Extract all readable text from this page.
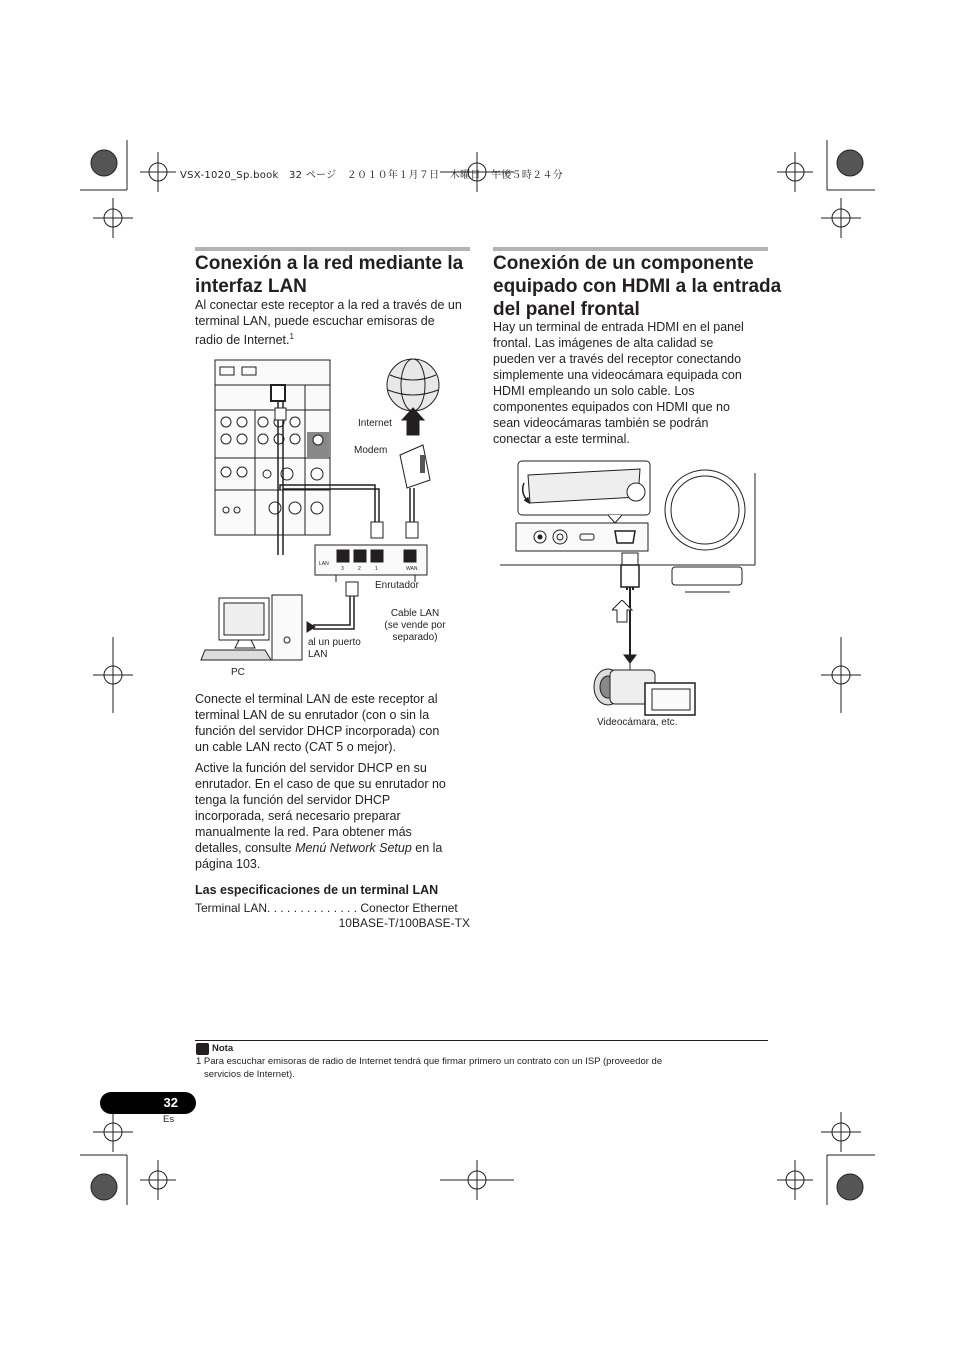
VSX-1020_Sp.book　32 ページ　２０１０年１月７日　木曜日　午後５時２４分
Conexión a la red mediante la
interfaz LAN
Al conectar este receptor a la red a través de un
terminal LAN, puede escuchar emisoras de
radio de Internet.$^1$
LAN
3	2	1	WAN
Internet
Modem
Enrutador
Cable LAN
(se vende por
separado)
al un puerto
LAN
PC
Conecte el terminal LAN de este receptor al
terminal LAN de su enrutador (con o sin la
función del servidor DHCP incorporada) con
un cable LAN recto (CAT 5 o mejor).
Active la función del servidor DHCP en su
enrutador. En el caso de que su enrutador no
tenga la función del servidor DHCP
incorporada, será necesario preparar
manualmente la red. Para obtener más
detalles, consulte Menú Network Setup en la
página 103.
Las especificaciones de un terminal LAN
Terminal LAN. . . . . . . . . . . . . . Conector Ethernet
10BASE-T/100BASE-TX
Conexión de un componente
equipado con HDMI a la entrada
del panel frontal
Hay un terminal de entrada HDMI en el panel
frontal. Las imágenes de alta calidad se
pueden ver a través del receptor conectando
simplemente una videocámara equipada con
HDMI empleando un solo cable. Los
componentes equipados con HDMI que no
sean videocámaras también se podrán
conectar a este terminal.
Videocámara, etc.
Nota
1 Para escuchar emisoras de radio de Internet tendrá que firmar primero un contrato con un ISP (proveedor de
servicios de Internet).
32
Es
